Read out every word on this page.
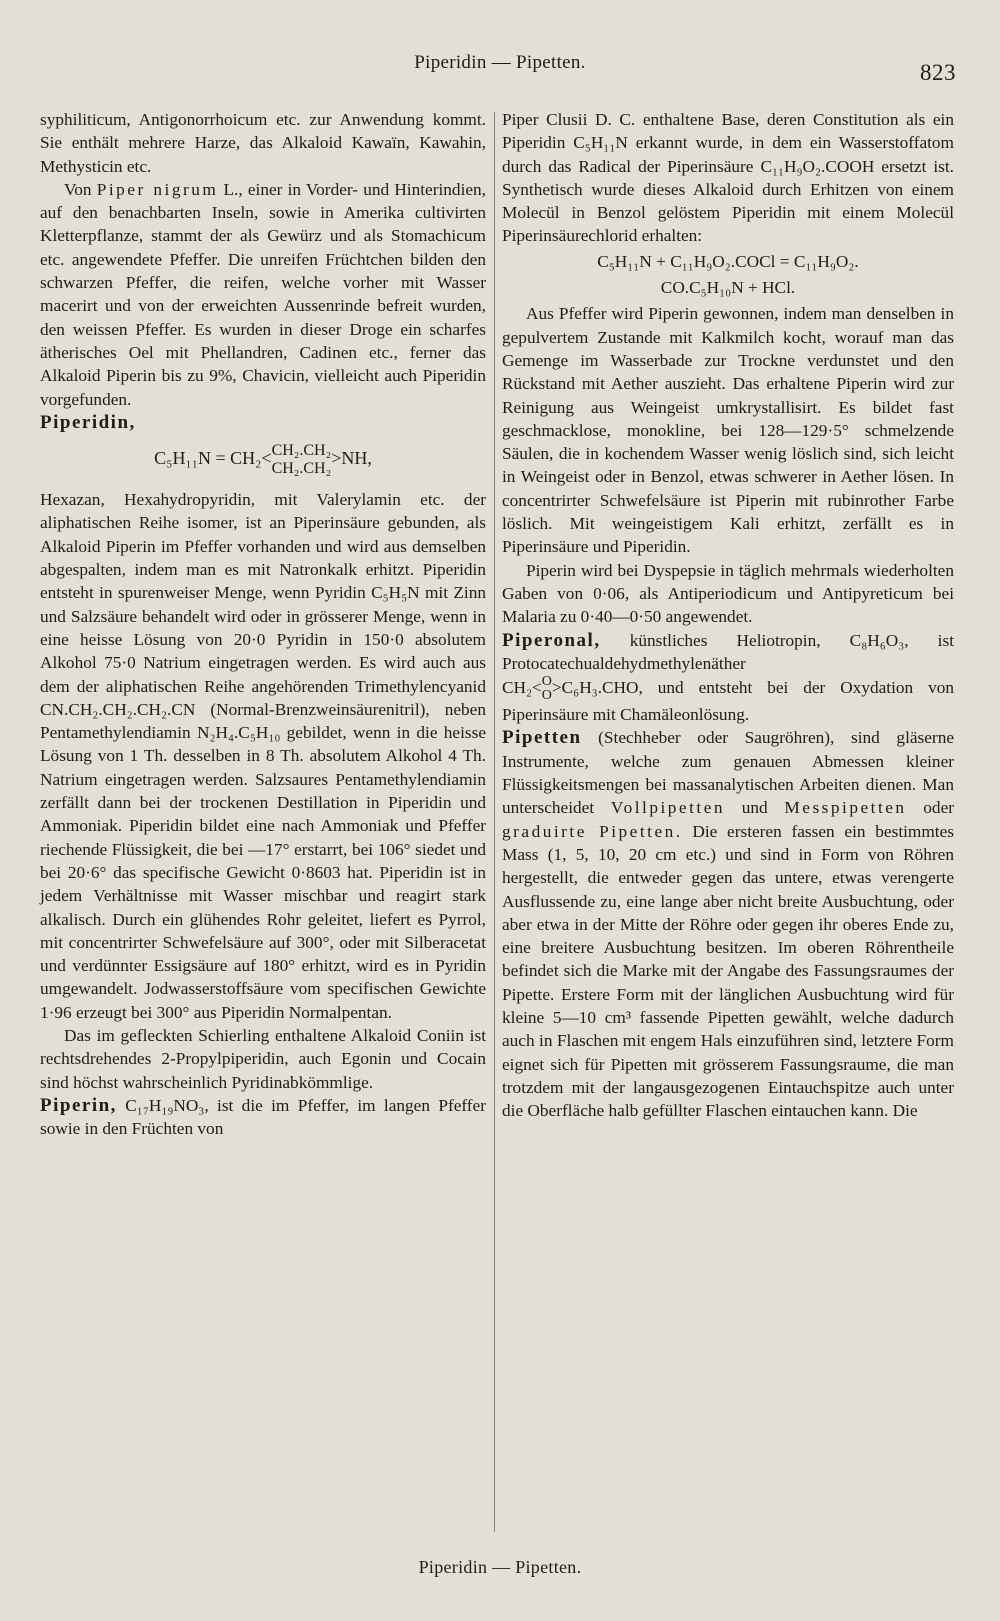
Piperidin — Pipetten.	823

syphiliticum, Antigonorrhoicum etc. zur Anwendung kommt. Sie enthält mehrere Harze, das Alkaloid Kawaïn, Kawahin, Methysticin etc.

Von Piper nigrum L., einer in Vorder- und Hinterindien, auf den benachbarten Inseln, sowie in Amerika cultivirten Kletterpflanze, stammt der als Gewürz und als Stomachicum etc. angewendete Pfeffer. Die unreifen Früchtchen bilden den schwarzen Pfeffer, die reifen, welche vorher mit Wasser macerirt und von der erweichten Aussenrinde befreit wurden, den weissen Pfeffer. Es wurden in dieser Droge ein scharfes ätherisches Oel mit Phellandren, Cadinen etc., ferner das Alkaloid Piperin bis zu 9%, Chavicin, vielleicht auch Piperidin vorgefunden.

Piperidin,

C₅H₁₁N = CH₂<CH₂.CH₂
CH₂.CH₂>NH,

Hexazan, Hexahydropyridin, mit Valerylamin etc. der aliphatischen Reihe isomer, ist an Piperinsäure gebunden, als Alkaloid Piperin im Pfeffer vorhanden und wird aus demselben abgespalten, indem man es mit Natronkalk erhitzt. Piperidin entsteht in spurenweiser Menge, wenn Pyridin C₅H₅N mit Zinn und Salzsäure behandelt wird oder in grösserer Menge, wenn in eine heisse Lösung von 20·0 Pyridin in 150·0 absolutem Alkohol 75·0 Natrium eingetragen werden. Es wird auch aus dem der aliphatischen Reihe angehörenden Trimethylencyanid CN.CH₂.CH₂.CH₂.CN (Normal-Brenzweinsäurenitril), neben Pentamethylendiamin N₂H₄.C₅H₁₀ gebildet, wenn in die heisse Lösung von 1 Th. desselben in 8 Th. absolutem Alkohol 4 Th. Natrium eingetragen werden. Salzsaures Pentamethylendiamin zerfällt dann bei der trockenen Destillation in Piperidin und Ammoniak. Piperidin bildet eine nach Ammoniak und Pfeffer riechende Flüssigkeit, die bei —17° erstarrt, bei 106° siedet und bei 20·6° das specifische Gewicht 0·8603 hat. Piperidin ist in jedem Verhältnisse mit Wasser mischbar und reagirt stark alkalisch. Durch ein glühendes Rohr geleitet, liefert es Pyrrol, mit concentrirter Schwefelsäure auf 300°, oder mit Silberacetat und verdünnter Essigsäure auf 180° erhitzt, wird es in Pyridin umgewandelt. Jodwasserstoffsäure vom specifischen Gewichte 1·96 erzeugt bei 300° aus Piperidin Normalpentan.

Das im gefleckten Schierling enthaltene Alkaloid Coniin ist rechtsdrehendes 2-Propylpiperidin, auch Egonin und Cocain sind höchst wahrscheinlich Pyridinabkömmlige.

Piperin, C₁₇H₁₉NO₃, ist die im Pfeffer, im langen Pfeffer sowie in den Früchten von

Piper Clusii D. C. enthaltene Base, deren Constitution als ein Piperidin C₅H₁₁N erkannt wurde, in dem ein Wasserstoffatom durch das Radical der Piperinsäure C₁₁H₉O₂.COOH ersetzt ist. Synthetisch wurde dieses Alkaloid durch Erhitzen von einem Molecül in Benzol gelöstem Piperidin mit einem Molecül Piperinsäurechlorid erhalten:

C₅H₁₁N + C₁₁H₉O₂.COCl = C₁₁H₉O₂.
CO.C₅H₁₀N + HCl.

Aus Pfeffer wird Piperin gewonnen, indem man denselben in gepulvertem Zustande mit Kalkmilch kocht, worauf man das Gemenge im Wasserbade zur Trockne verdunstet und den Rückstand mit Aether auszieht. Das erhaltene Piperin wird zur Reinigung aus Weingeist umkrystallisirt. Es bildet fast geschmacklose, monokline, bei 128—129·5° schmelzende Säulen, die in kochendem Wasser wenig löslich sind, sich leicht in Weingeist oder in Benzol, etwas schwerer in Aether lösen. In concentrirter Schwefelsäure ist Piperin mit rubinrother Farbe löslich. Mit weingeistigem Kali erhitzt, zerfällt es in Piperinsäure und Piperidin.

Piperin wird bei Dyspepsie in täglich mehrmals wiederholten Gaben von 0·06, als Antiperiodicum und Antipyreticum bei Malaria zu 0·40—0·50 angewendet.

Piperonal, künstliches Heliotropin, C₈H₆O₃, ist Protocatechualdehydmethylenäther

CH₂<O
O>C₆H₃.CHO, und entsteht bei der Oxydation von Piperinsäure mit Chamäleonlösung.

Pipetten (Stechheber oder Saugröhren), sind gläserne Instrumente, welche zum genauen Abmessen kleiner Flüssigkeitsmengen bei massanalytischen Arbeiten dienen. Man unterscheidet Vollpipetten und Messpipetten oder graduirte Pipetten. Die ersteren fassen ein bestimmtes Mass (1, 5, 10, 20 cm etc.) und sind in Form von Röhren hergestellt, die entweder gegen das untere, etwas verengerte Ausflussende zu, eine lange aber nicht breite Ausbuchtung, oder aber etwa in der Mitte der Röhre oder gegen ihr oberes Ende zu, eine breitere Ausbuchtung besitzen. Im oberen Röhrentheile befindet sich die Marke mit der Angabe des Fassungsraumes der Pipette. Erstere Form mit der länglichen Ausbuchtung wird für kleine 5—10 cm³ fassende Pipetten gewählt, welche dadurch auch in Flaschen mit engem Hals einzuführen sind, letztere Form eignet sich für Pipetten mit grösserem Fassungsraume, die man trotzdem mit der langausgezogenen Eintauchspitze auch unter die Oberfläche halb gefüllter Flaschen eintauchen kann. Die

Piperidin — Pipetten.
